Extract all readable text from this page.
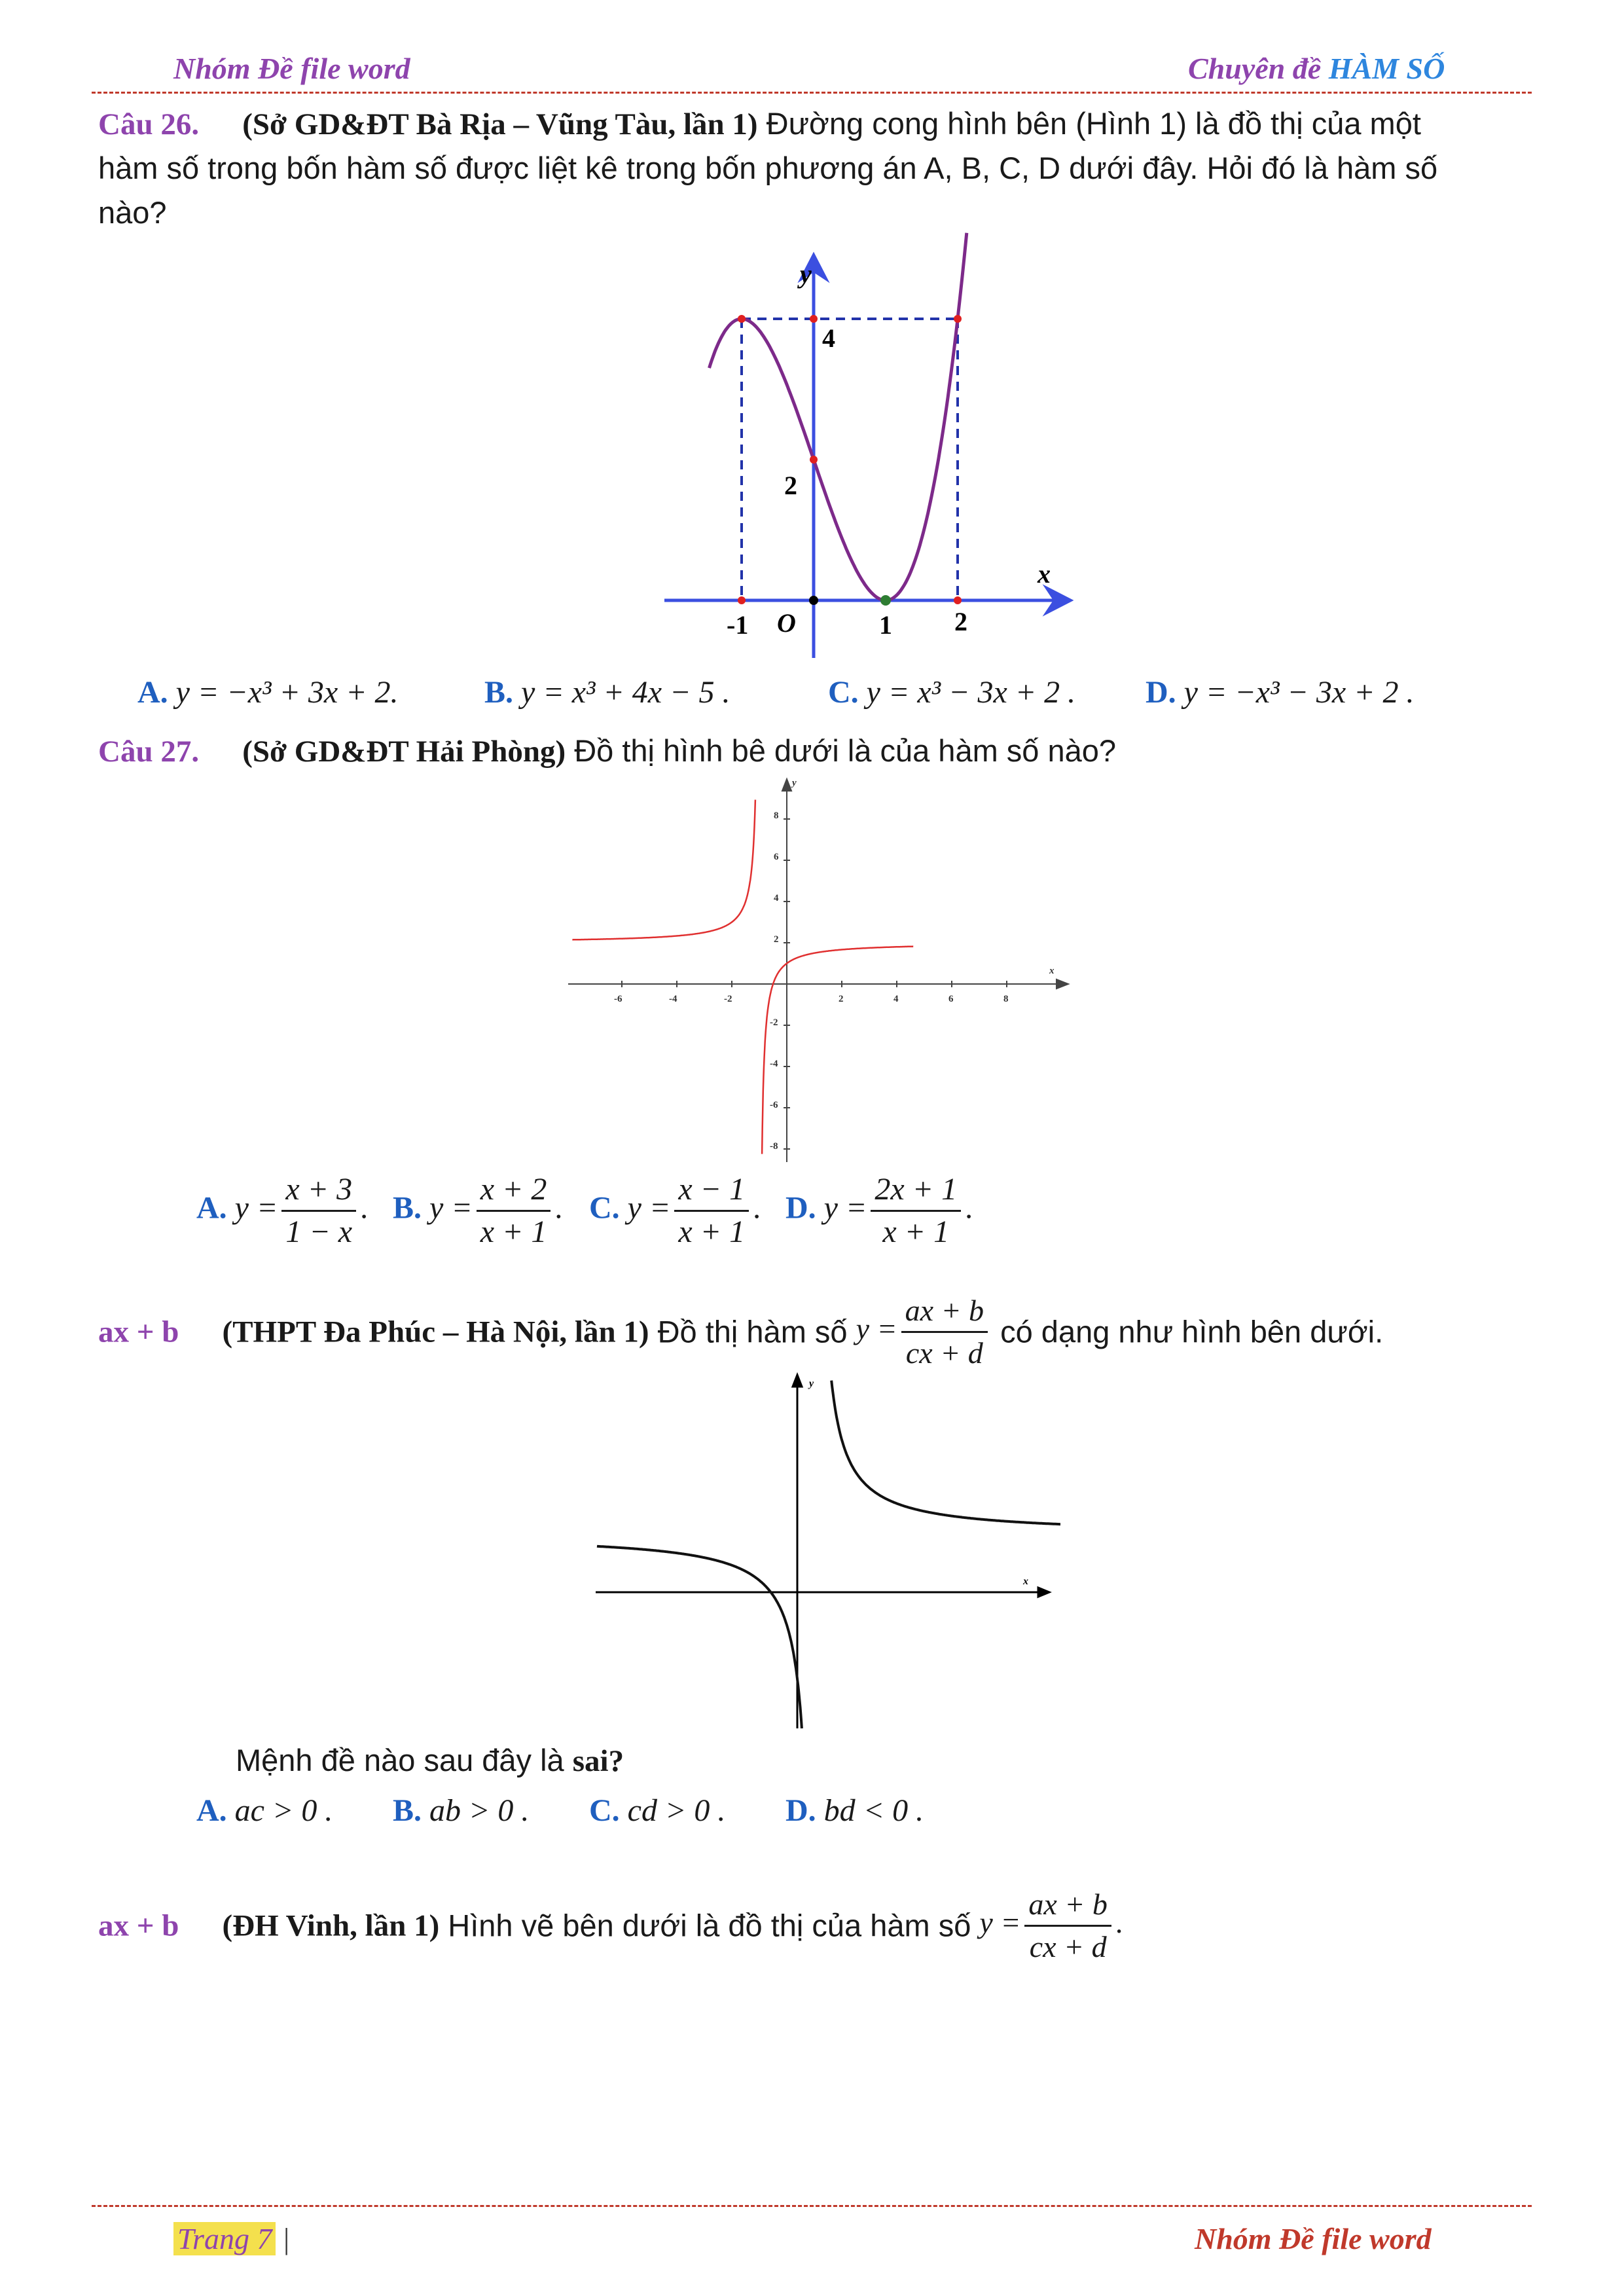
Nhóm Đề file word	Chuyên đề HÀM SỐ
Câu 26. (Sở GD&ĐT Bà Rịa – Vũng Tàu, lần 1) Đường cong hình bên (Hình 1) là đồ thị của một
hàm số trong bốn hàm số được liệt kê trong bốn phương án A, B, C, D dưới đây. Hỏi đó là hàm số
nào?
y
x
O
-1	1 2
2
4
A. y = −x³ + 3x + 2.	B. y = x³ + 4x − 5 .	C. y = x³ − 3x + 2 . D. y = −x³ − 3x + 2 .
Câu 27. (Sở GD&ĐT Hải Phòng) Đồ thị hình bê dưới là của hàm số nào?
y
x
-6	-4	-2	2	4	6	8
8
6
4
2
-2
-4
-6
-8
A. $y = \frac{x + 3}{1 - x}$ . B. $y = \frac{x + 2}{x + 1}$ . C. $y = \frac{x - 1}{x + 1}$ . D. $y = \frac{2x + 1}{x + 1}$ .
ax + b (THPT Đa Phúc – Hà Nội, lần 1) Đồ thị hàm số $y = \frac{ax + b}{cx + d}$ có dạng như hình bên dưới.
y
x
Mệnh đề nào sau đây là sai?
A. ac > 0 . B. ab > 0 . C. cd > 0 . D. bd < 0 .
ax + b (ĐH Vinh, lần 1) Hình vẽ bên dưới là đồ thị của hàm số $y = \frac{ax + b}{cx + d}$ .
Trang 7 |	Nhóm Đề file word
